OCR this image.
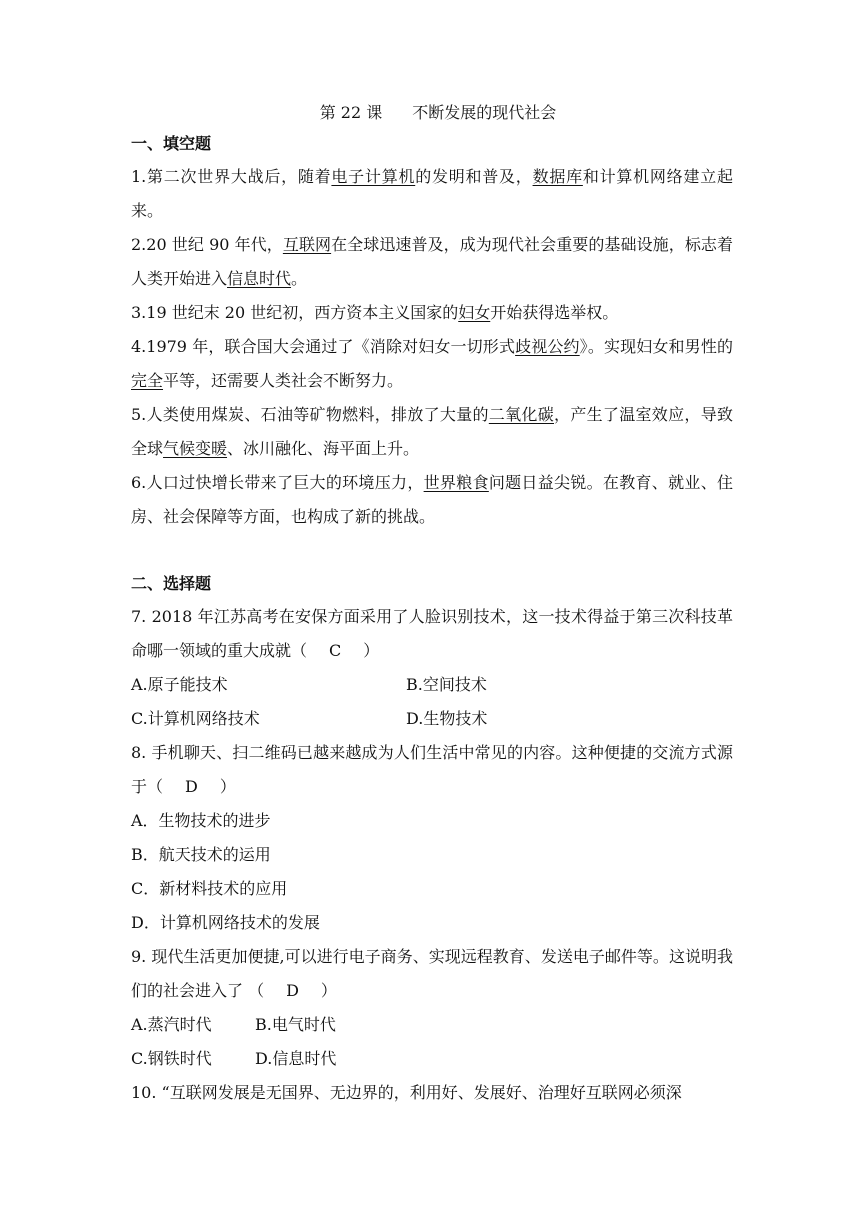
第 22 课 不断发展的现代社会
一、填空题

1.第二次世界大战后，随着电子计算机的发明和普及，数据库和计算机网络建立起来。

2.20 世纪 90 年代，互联网在全球迅速普及，成为现代社会重要的基础设施，标志着人类开始进入信息时代。

3.19 世纪末 20 世纪初，西方资本主义国家的妇女开始获得选举权。

4.1979 年，联合国大会通过了《消除对妇女一切形式歧视公约》。实现妇女和男性的完全平等，还需要人类社会不断努力。

5.人类使用煤炭、石油等矿物燃料，排放了大量的二氧化碳，产生了温室效应，导致全球气候变暖、冰川融化、海平面上升。

6.人口过快增长带来了巨大的环境压力，世界粮食问题日益尖锐。在教育、就业、住房、社会保障等方面，也构成了新的挑战。

二、选择题

7. 2018 年江苏高考在安保方面采用了人脸识别技术，这一技术得益于第三次科技革命哪一领域的重大成就（ C ）

A.原子能技术	B.空间技术
C.计算机网络技术	D.生物技术

8. 手机聊天、扫二维码已越来越成为人们生活中常见的内容。这种便捷的交流方式源于（ D ）

A．生物技术的进步

B．航天技术的运用

C．新材料技术的应用

D．计算机网络技术的发展

9. 现代生活更加便捷,可以进行电子商务、实现远程教育、发送电子邮件等。这说明我们的社会进入了 （ D ）

A.蒸汽时代	B.电气时代
C.钢铁时代	D.信息时代

10. “互联网发展是无国界、无边界的，利用好、发展好、治理好互联网必须深
